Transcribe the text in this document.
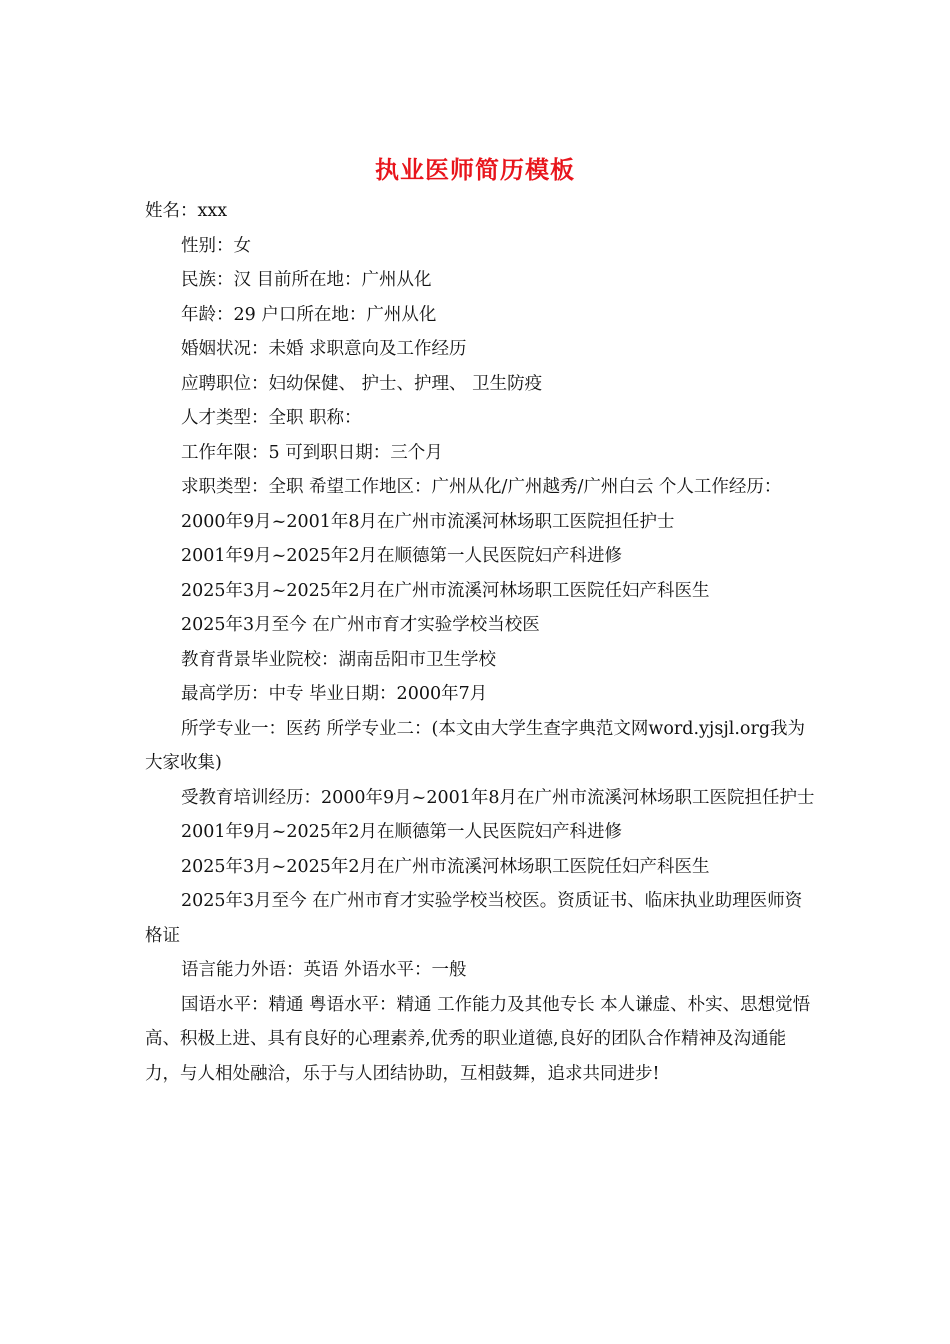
执业医师简历模板

姓名：xxx

性别：女

民族：汉 目前所在地：广州从化

年龄：29 户口所在地：广州从化

婚姻状况：未婚 求职意向及工作经历

应聘职位：妇幼保健、 护士、护理、 卫生防疫

人才类型：全职 职称：

工作年限：5 可到职日期：三个月

求职类型：全职 希望工作地区：广州从化/广州越秀/广州白云 个人工作经历：

2000年9月~2001年8月在广州市流溪河林场职工医院担任护士

2001年9月~2025年2月在顺德第一人民医院妇产科进修

2025年3月~2025年2月在广州市流溪河林场职工医院任妇产科医生

2025年3月至今 在广州市育才实验学校当校医

教育背景毕业院校：湖南岳阳市卫生学校

最高学历：中专 毕业日期：2000年7月

所学专业一：医药 所学专业二：(本文由大学生查字典范文网word.yjsjl.org我为大家收集)

受教育培训经历：2000年9月~2001年8月在广州市流溪河林场职工医院担任护士

2001年9月~2025年2月在顺德第一人民医院妇产科进修

2025年3月~2025年2月在广州市流溪河林场职工医院任妇产科医生

2025年3月至今 在广州市育才实验学校当校医。资质证书、临床执业助理医师资格证

语言能力外语：英语 外语水平：一般

国语水平：精通 粤语水平：精通 工作能力及其他专长 本人谦虚、朴实、思想觉悟高、积极上进、具有良好的心理素养,优秀的职业道德,良好的团队合作精神及沟通能力，与人相处融洽，乐于与人团结协助，互相鼓舞，追求共同进步!
